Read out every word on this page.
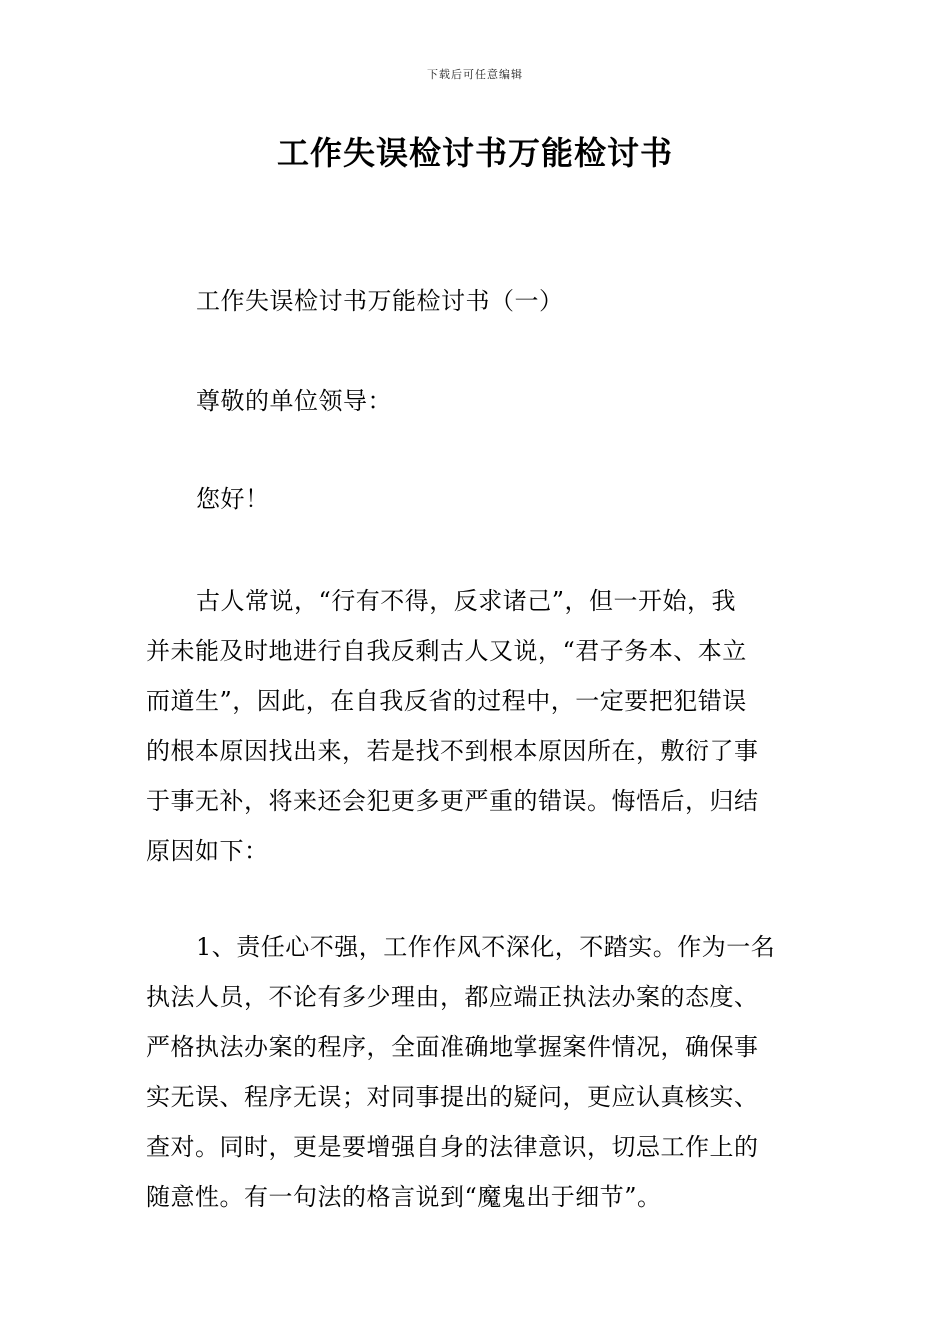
下载后可任意编辑
工作失误检讨书万能检讨书
工作失误检讨书万能检讨书（一）
尊敬的单位领导：
您好！
古人常说，“行有不得，反求诸己”，但一开始，我
并未能及时地进行自我反剩古人又说，“君子务本、本立
而道生”，因此，在自我反省的过程中，一定要把犯错误
的根本原因找出来，若是找不到根本原因所在，敷衍了事
于事无补，将来还会犯更多更严重的错误。悔悟后，归结
原因如下：
1、责任心不强，工作作风不深化，不踏实。作为一名
执法人员，不论有多少理由，都应端正执法办案的态度、
严格执法办案的程序，全面准确地掌握案件情况，确保事
实无误、程序无误；对同事提出的疑问，更应认真核实、
查对。同时，更是要增强自身的法律意识，切忌工作上的
随意性。有一句法的格言说到“魔鬼出于细节”。
